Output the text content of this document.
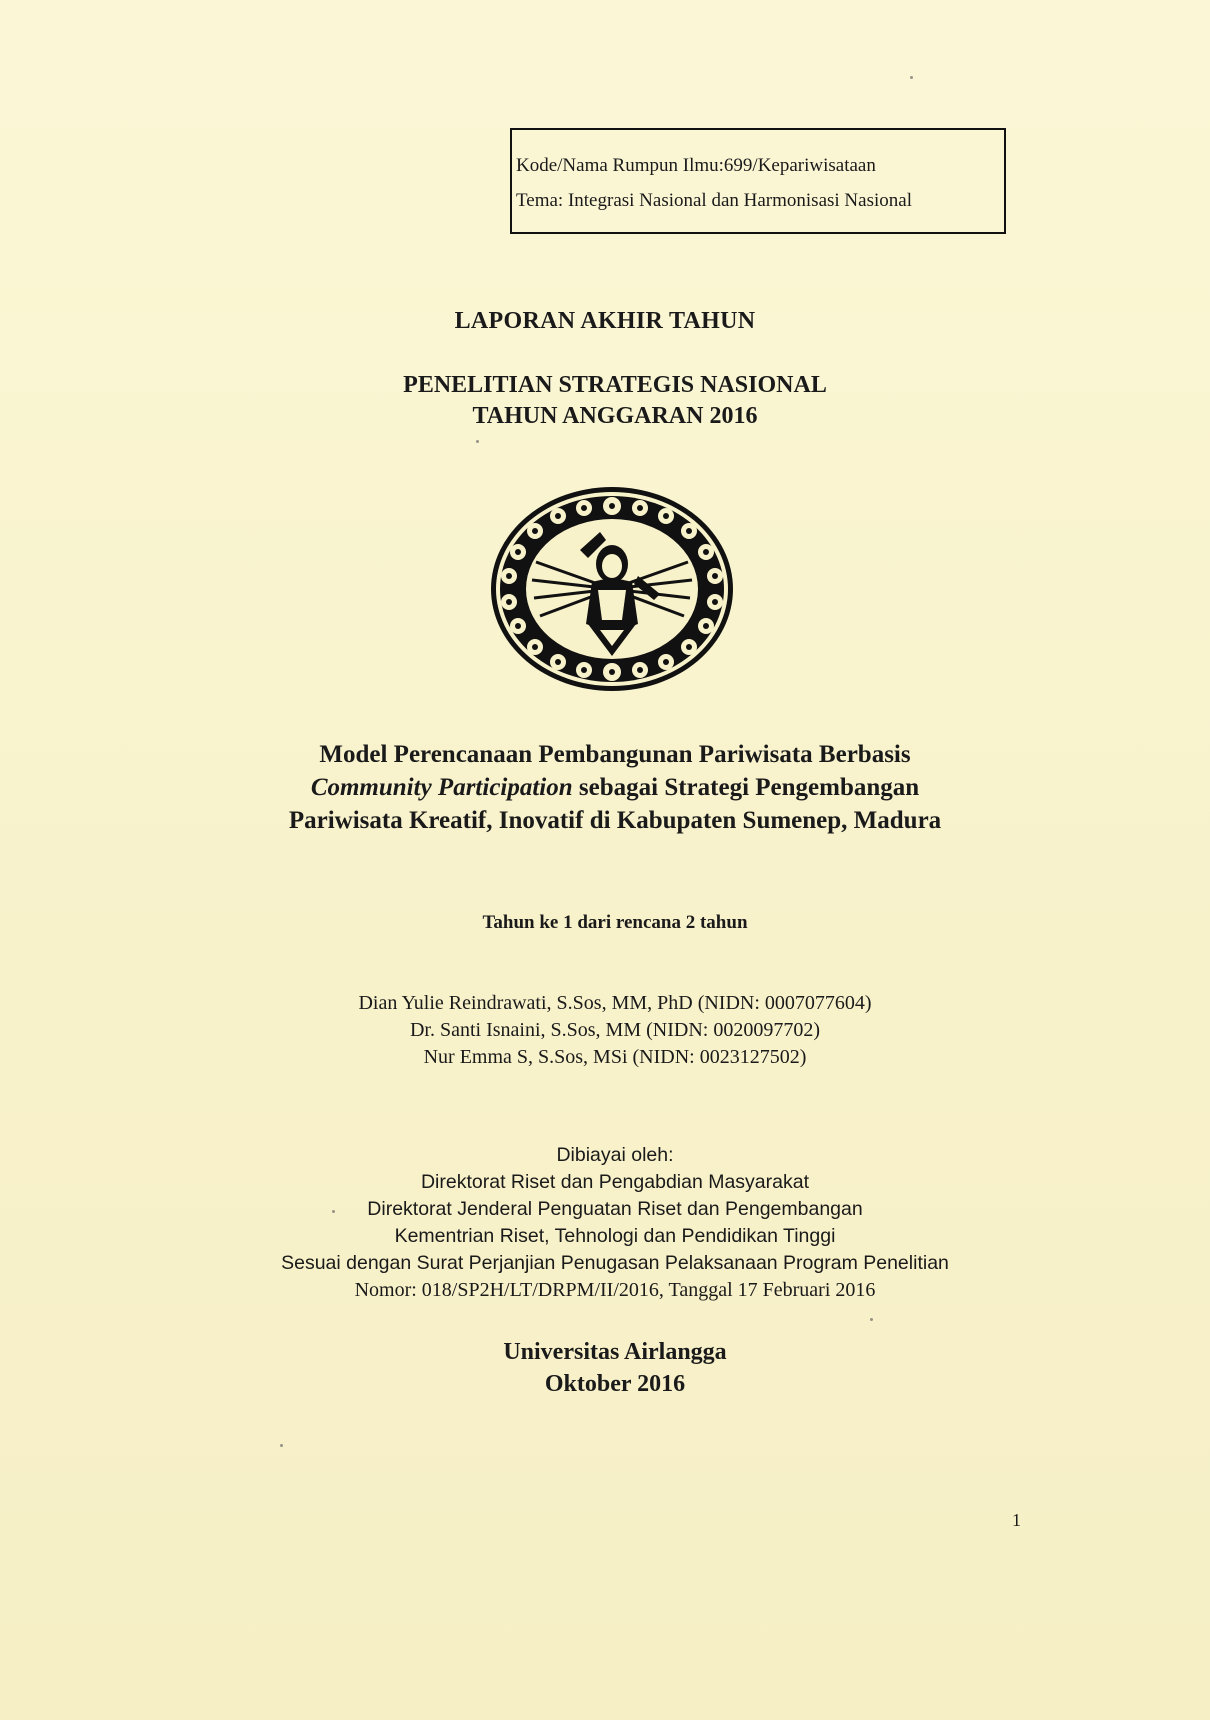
Kode/Nama Rumpun Ilmu:699/Kepariwisataan
Tema: Integrasi Nasional dan Harmonisasi Nasional
LAPORAN AKHIR TAHUN
PENELITIAN STRATEGIS NASIONAL
TAHUN ANGGARAN 2016
Model Perencanaan Pembangunan Pariwisata Berbasis
Community Participation sebagai Strategi Pengembangan
Pariwisata Kreatif, Inovatif di Kabupaten Sumenep, Madura
Tahun ke 1 dari rencana 2 tahun
Dian Yulie Reindrawati, S.Sos, MM, PhD (NIDN: 0007077604)
Dr. Santi Isnaini, S.Sos, MM (NIDN: 0020097702)
Nur Emma S, S.Sos, MSi (NIDN: 0023127502)
Dibiayai oleh:
Direktorat Riset dan Pengabdian Masyarakat
Direktorat Jenderal Penguatan Riset dan Pengembangan
Kementrian Riset, Tehnologi dan Pendidikan Tinggi
Sesuai dengan Surat Perjanjian Penugasan Pelaksanaan Program Penelitian
Nomor: 018/SP2H/LT/DRPM/II/2016, Tanggal 17 Februari 2016
Universitas Airlangga
Oktober 2016
1
